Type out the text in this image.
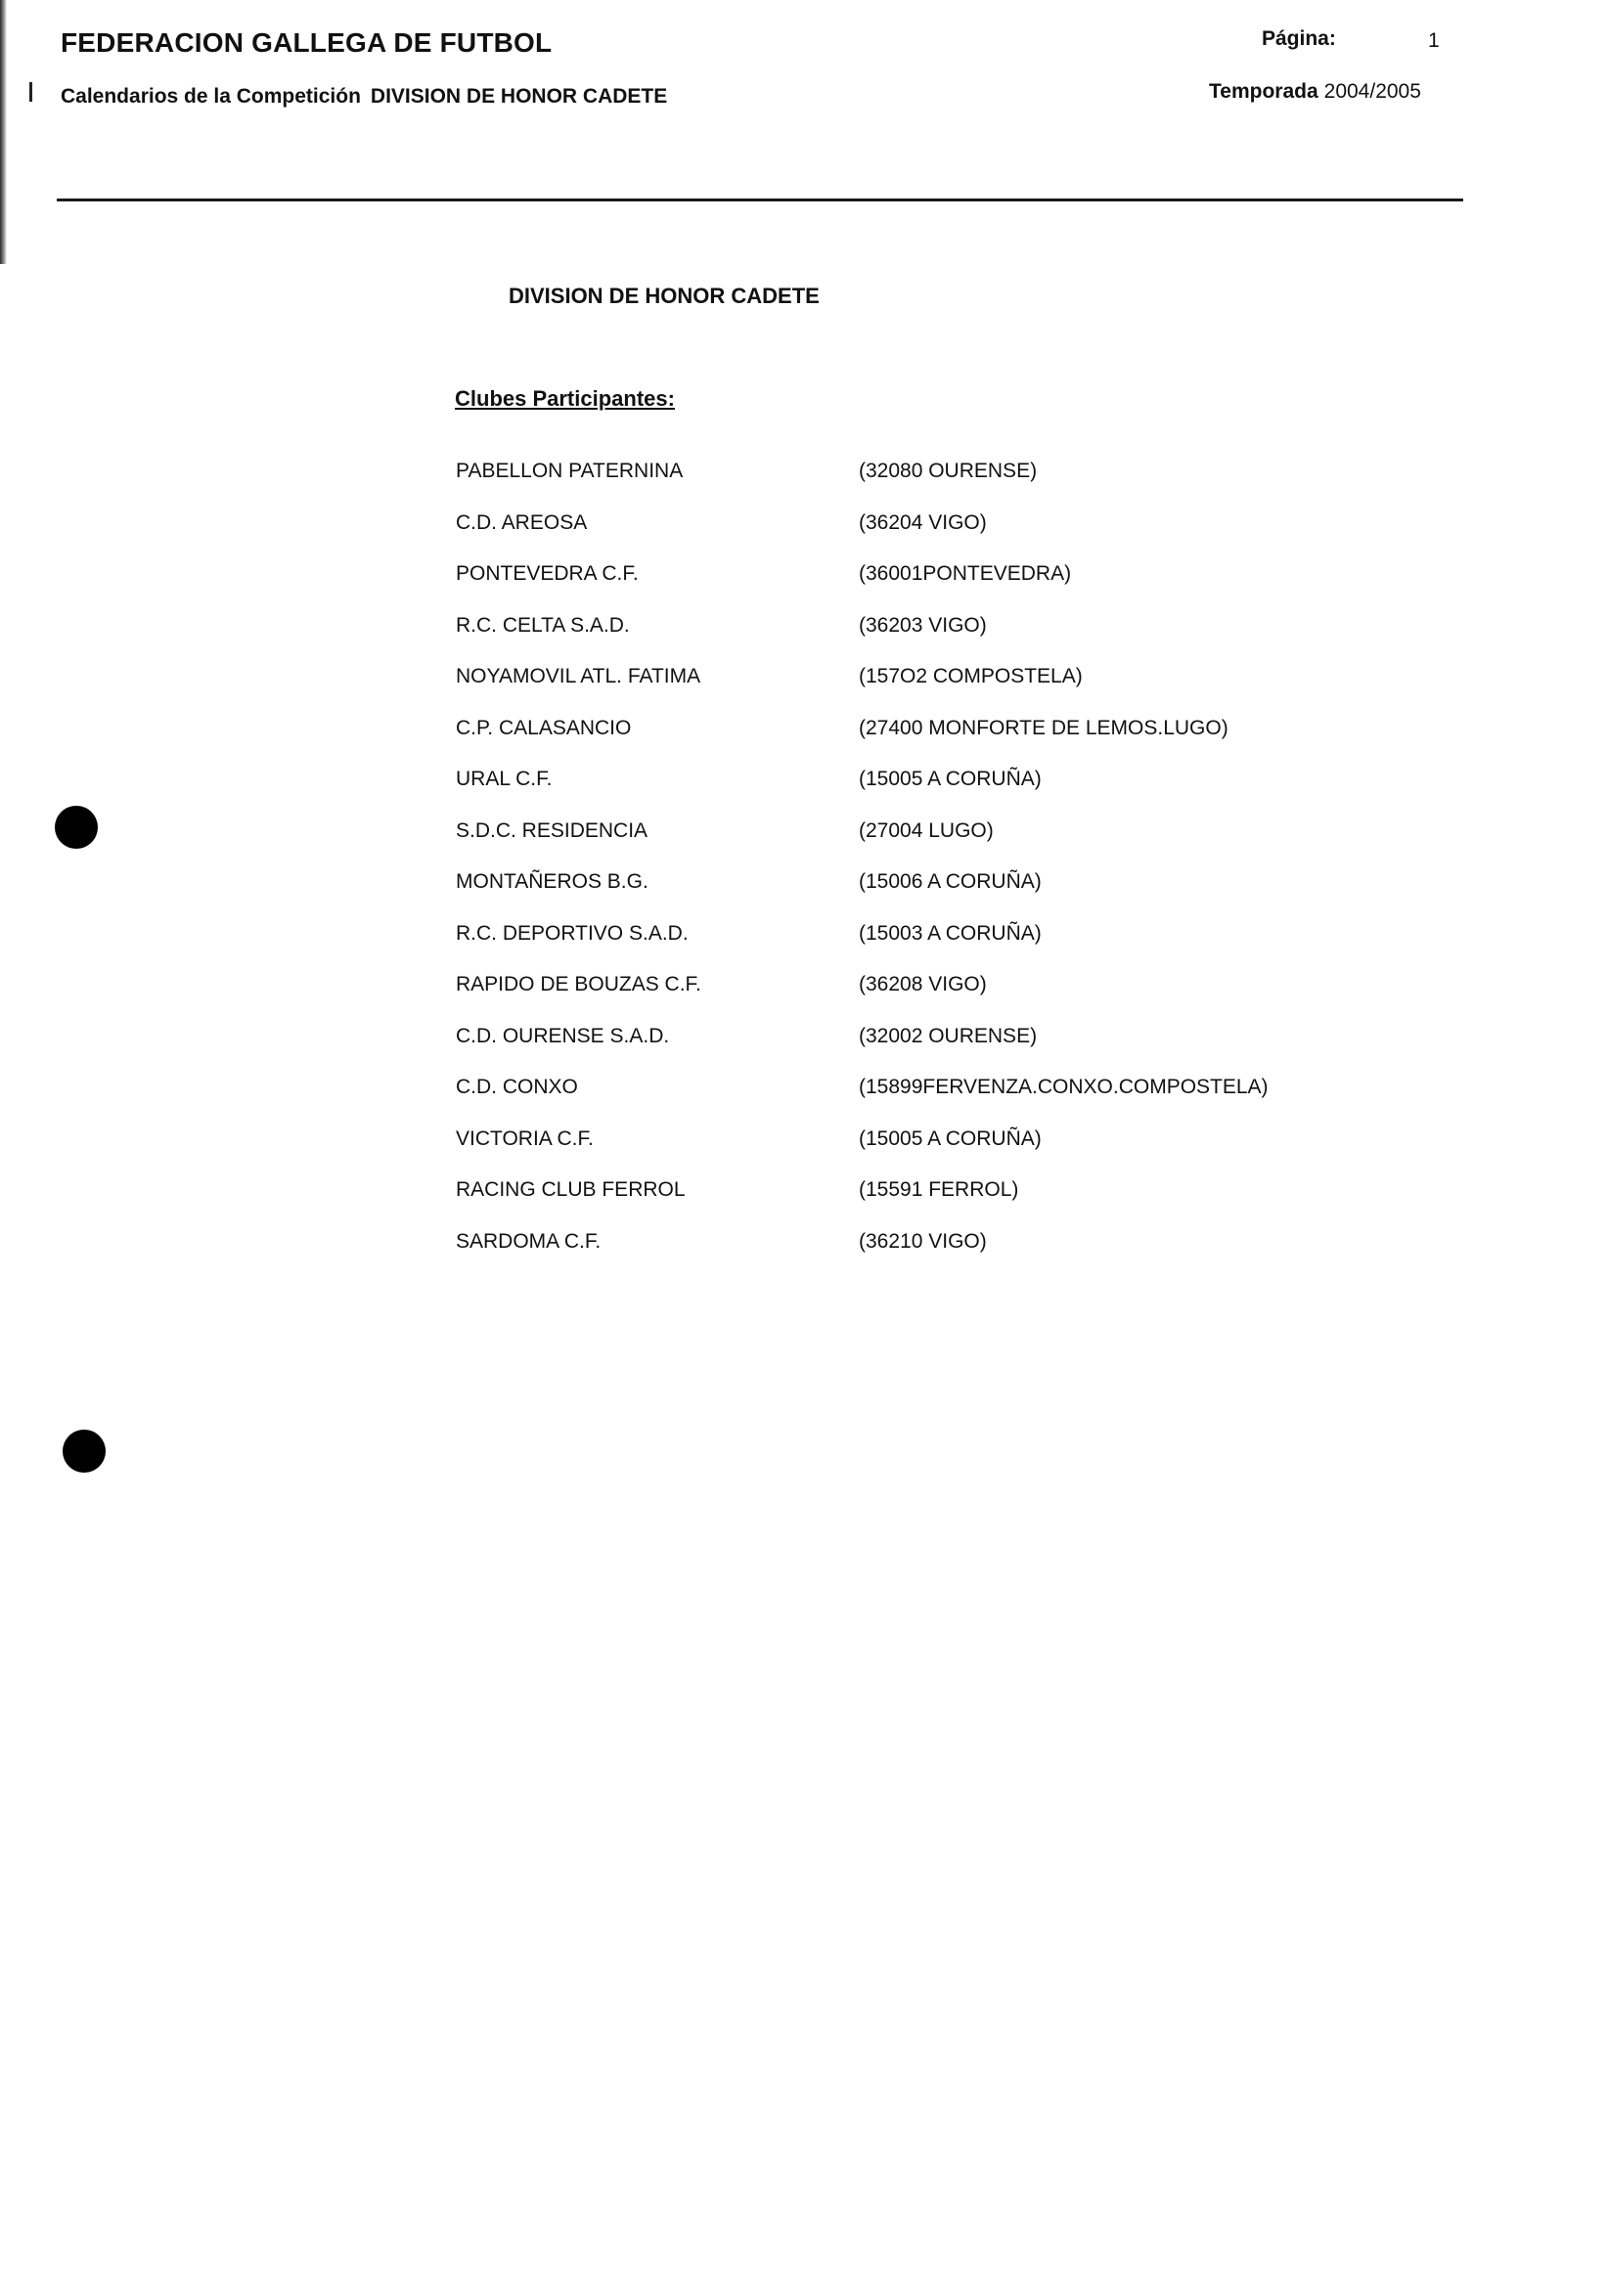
FEDERACION GALLEGA DE FUTBOL
Calendarios de la Competición DIVISION DE HONOR CADETE
Página:	1
Temporada 2004/2005
DIVISION DE HONOR CADETE
Clubes Participantes:
PABELLON PATERNINA	(32080 OURENSE)
C.D. AREOSA	(36204 VIGO)
PONTEVEDRA C.F.	(36001PONTEVEDRA)
R.C. CELTA S.A.D.	(36203 VIGO)
NOYAMOVIL ATL. FATIMA	(157O2 COMPOSTELA)
C.P. CALASANCIO	(27400 MONFORTE DE LEMOS.LUGO)
URAL C.F.	(15005 A CORUÑA)
S.D.C. RESIDENCIA	(27004 LUGO)
MONTAÑEROS B.G.	(15006 A CORUÑA)
R.C. DEPORTIVO S.A.D.	(15003 A CORUÑA)
RAPIDO DE BOUZAS C.F.	(36208 VIGO)
C.D. OURENSE S.A.D.	(32002 OURENSE)
C.D. CONXO	(15899FERVENZA.CONXO.COMPOSTELA)
VICTORIA C.F.	(15005 A CORUÑA)
RACING CLUB FERROL	(15591 FERROL)
SARDOMA C.F.	(36210 VIGO)
